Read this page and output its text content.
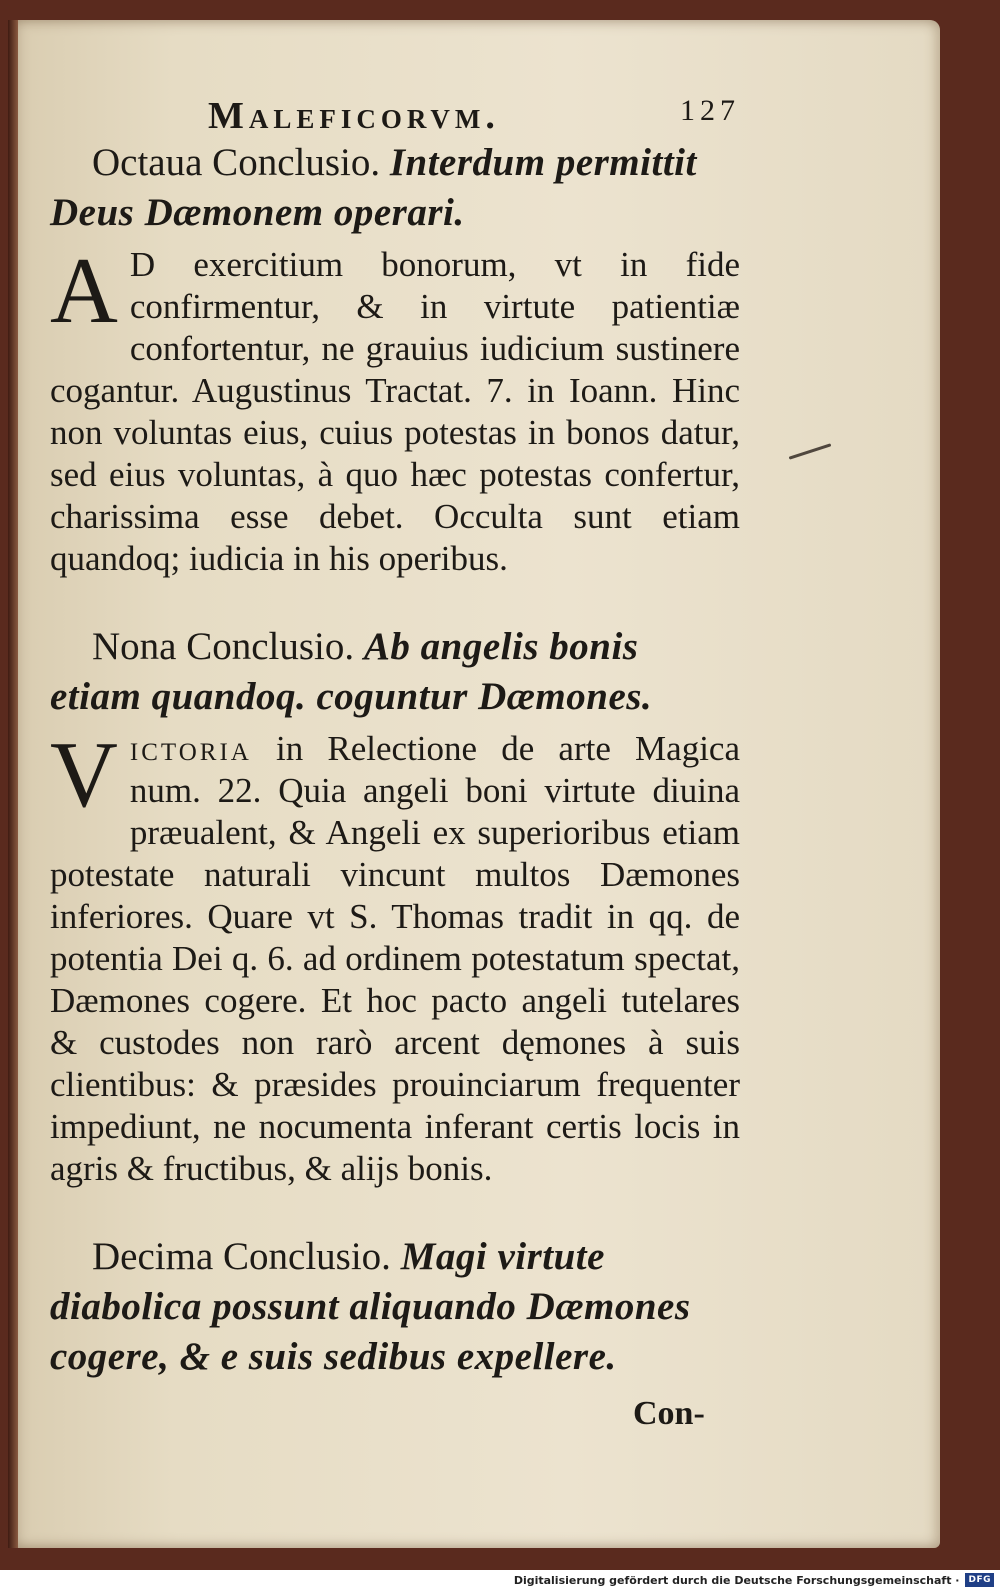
Maleficorvm.	127

Octaua Conclusio. Interdum permittit Deus Dæmonem operari.

A D exercitium bonorum, vt in fide confirmentur, & in virtute patientiæ confortentur, ne grauius iudicium sustinere cogantur. Augustinus Tractat. 7. in Ioann. Hinc non voluntas eius, cuius potestas in bonos datur, sed eius voluntas, à quo hæc potestas confertur, charissima esse debet. Occulta sunt etiam quandoq; iudicia in his operibus.

Nona Conclusio. Ab angelis bonis etiam quandoq. coguntur Dæmones.

Victoria in Relectione de arte Magica num. 22. Quia angeli boni virtute diuina præualent, & Angeli ex superioribus etiam potestate naturali vincunt multos Dæmones inferiores. Quare vt S. Thomas tradit in qq. de potentia Dei q. 6. ad ordinem potestatum spectat, Dæmones cogere. Et hoc pacto angeli tutelares & custodes non rarò arcent dęmones à suis clientibus: & præsides prouinciarum frequenter impediunt, ne nocumenta inferant certis locis in agris & fructibus, & alijs bonis.

Decima Conclusio. Magi virtute diabolica possunt aliquando Dæmones cogere, & e suis sedibus expellere.

Con-
Digitalisierung gefördert durch die Deutsche Forschungsgemeinschaft ·	DFG
